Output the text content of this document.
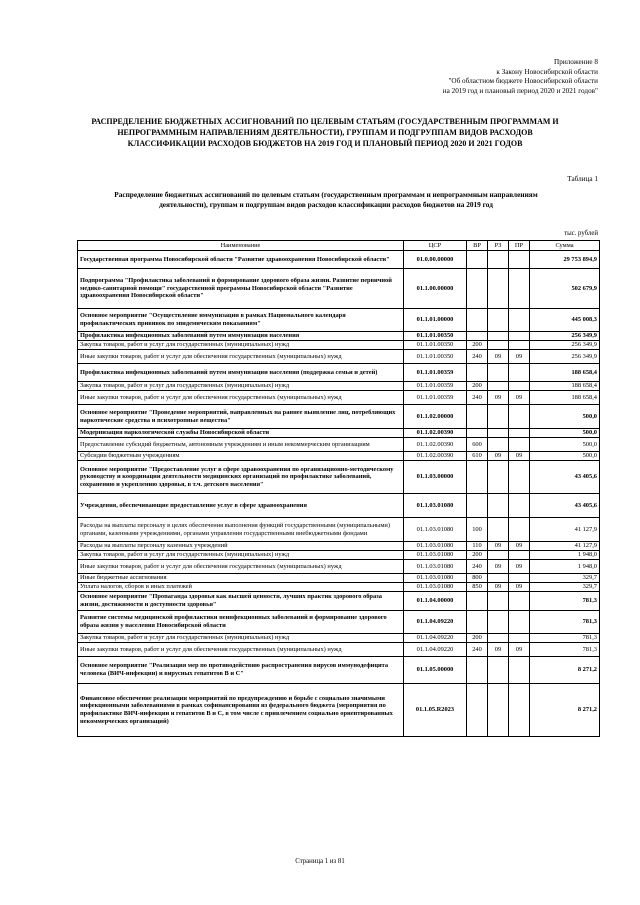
Приложение 8
к Закону Новосибирской области
"Об областном бюджете Новосибирской области
на 2019 год и плановый период 2020 и 2021 годов"
РАСПРЕДЕЛЕНИЕ БЮДЖЕТНЫХ АССИГНОВАНИЙ ПО ЦЕЛЕВЫМ СТАТЬЯМ (ГОСУДАРСТВЕННЫМ ПРОГРАММАМ И НЕПРОГРАММНЫМ НАПРАВЛЕНИЯМ ДЕЯТЕЛЬНОСТИ), ГРУППАМ И ПОДГРУППАМ ВИДОВ РАСХОДОВ КЛАССИФИКАЦИИ РАСХОДОВ БЮДЖЕТОВ НА 2019 ГОД И ПЛАНОВЫЙ ПЕРИОД 2020 И 2021 ГОДОВ
Таблица 1
Распределение бюджетных ассигнований по целевым статьям (государственным программам и непрограммным направлениям деятельности), группам и подгруппам видов расходов классификации расходов бюджетов на 2019 год
тыс. рублей
Наименование	ЦСР	ВР	РЗ	ПР	Сумма
Государственная программа Новосибирской области "Развитие здравоохранения Новосибирской области"	01.0.00.00000				29 753 894,9
Подпрограмма "Профилактика заболеваний и формирование здорового образа жизни. Развитие первичной медико-санитарной помощи" государственной программы Новосибирской области "Развитие здравоохранения Новосибирской области"	01.1.00.00000				502 679,9
Основное мероприятие "Осуществление иммунизации в рамках Национального календаря профилактических прививок по эпидемическим показаниям"	01.1.01.00000				445 008,3
Профилактика инфекционных заболеваний путем иммунизации населения	01.1.01.00350				256 349,9
Закупка товаров, работ и услуг для государственных (муниципальных) нужд	01.1.01.00350	200			256 349,9
Иные закупки товаров, работ и услуг для обеспечения государственных (муниципальных) нужд	01.1.01.00350	240	09	09	256 349,9
Профилактика инфекционных заболеваний путем иммунизации населения (поддержка семьи и детей)	01.1.01.00359				188 658,4
Закупка товаров, работ и услуг для государственных (муниципальных) нужд	01.1.01.00359	200			188 658,4
Иные закупки товаров, работ и услуг для обеспечения государственных (муниципальных) нужд	01.1.01.00359	240	09	09	188 658,4
Основное мероприятие "Проведение мероприятий, направленных на раннее выявление лиц, потребляющих наркотические средства и психотропные вещества"	01.1.02.00000				500,0
Модернизация наркологической службы Новосибирской области	01.1.02.00390				500,0
Предоставление субсидий бюджетным, автономным учреждениям и иным некоммерческим организациям	01.1.02.00390	600			500,0
Субсидии бюджетным учреждениям	01.1.02.00390	610	09	09	500,0
Основное мероприятие "Предоставление услуг в сфере здравоохранения по организационно-методическому руководству и координации деятельности медицинских организаций по профилактике заболеваний, сохранению и укреплению здоровья, в т.ч. детского населения"	01.1.03.00000				43 405,6
Учреждения, обеспечивающие предоставление услуг в сфере здравоохранения	01.1.03.01080				43 405,6
Расходы на выплаты персоналу в целях обеспечения выполнения функций государственными (муниципальными) органами, казенными учреждениями, органами управления государственными внебюджетными фондами	01.1.03.01080	100			41 127,9
Расходы на выплаты персоналу казенных учреждений	01.1.03.01080	110	09	09	41 127,9
Закупка товаров, работ и услуг для государственных (муниципальных) нужд	01.1.03.01080	200			1 948,0
Иные закупки товаров, работ и услуг для обеспечения государственных (муниципальных) нужд	01.1.03.01080	240	09	09	1 948,0
Иные бюджетные ассигнования	01.1.03.01080	800			329,7
Уплата налогов, сборов и иных платежей	01.1.03.01080	850	09	09	329,7
Основное мероприятие "Пропаганда здоровья как высшей ценности, лучших практик здорового образа жизни, достижимости и доступности здоровья"	01.1.04.00000				781,3
Развитие системы медицинской профилактики неинфекционных заболеваний и формирование здорового образа жизни у населения Новосибирской области	01.1.04.09220				781,3
Закупка товаров, работ и услуг для государственных (муниципальных) нужд	01.1.04.09220	200			781,3
Иные закупки товаров, работ и услуг для обеспечения государственных (муниципальных) нужд	01.1.04.09220	240	09	09	781,3
Основное мероприятие "Реализация мер по противодействию распространения вирусов иммунодефицита человека (ВИЧ-инфекции) и вирусных гепатитов В и С"	01.1.05.00000				8 271,2
Финансовое обеспечение реализации мероприятий по предупреждению и борьбе с социально значимыми инфекционными заболеваниями в рамках софинансирования из федерального бюджета (мероприятия по профилактике ВИЧ-инфекции и гепатитов В и С, в том числе с привлечением социально ориентированных некоммерческих организаций)	01.1.05.R2023				8 271,2
Страница 1 из 81
